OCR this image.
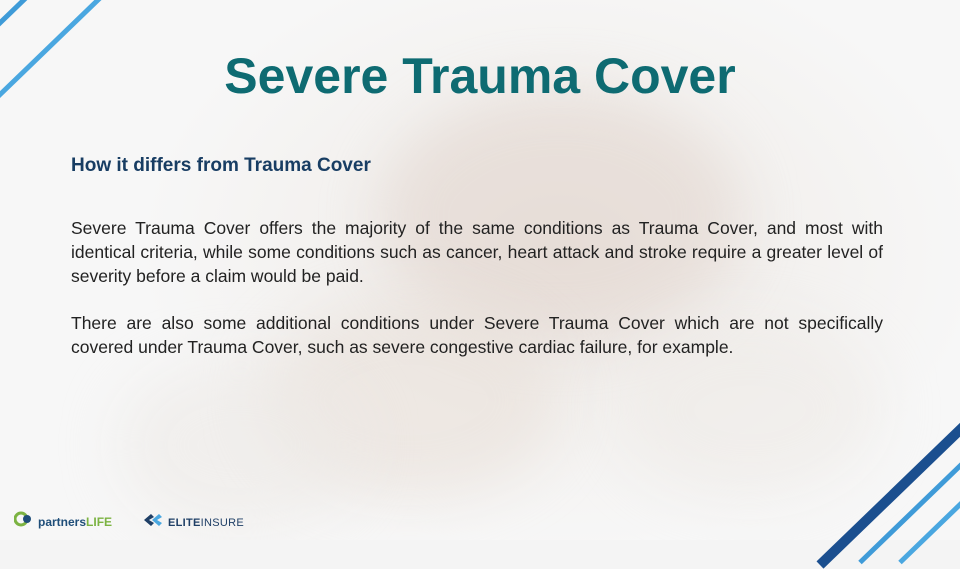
Severe Trauma Cover
How it differs from Trauma Cover

Severe Trauma Cover offers the majority of the same conditions as Trauma Cover, and most with identical criteria, while some conditions such as cancer, heart attack and stroke require a greater level of severity before a claim would be paid.

There are also some additional conditions under Severe Trauma Cover which are not specifically covered under Trauma Cover, such as severe congestive cardiac failure, for example.

partnersLIFE	ELITEINSURE
